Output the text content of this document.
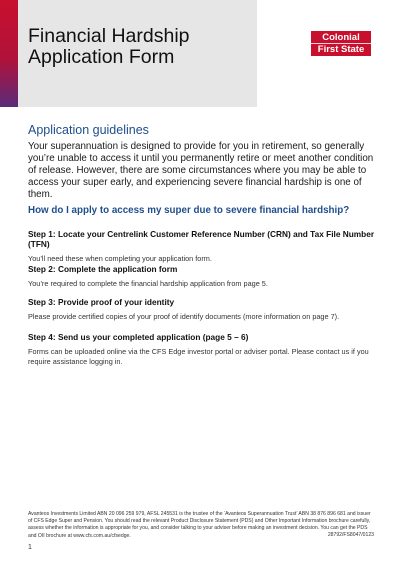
Financial Hardship
Application Form
Colonial
First State
Application guidelines

Your superannuation is designed to provide for you in retirement, so generally you’re unable to access it until you permanently retire or meet another condition of release. However, there are some circumstances where you may be able to access your super early, and experiencing severe financial hardship is one of them.

How do I apply to access my super due to severe financial hardship?

Step 1: Locate your Centrelink Customer Reference Number (CRN) and Tax File Number (TFN)

You’ll need these when completing your application form.

Step 2: Complete the application form

You’re required to complete the financial hardship application from page 5.

Step 3: Provide proof of your identity

Please provide certified copies of your proof of identify documents (more information on page 7).

Step 4: Send us your completed application (page 5 – 6)

Forms can be uploaded online via the CFS Edge investor portal or adviser portal. Please contact us if you require assistance logging in.

Avanteos Investments Limited ABN 20 096 259 979, AFSL 245531 is the trustee of the ‘Avanteos Superannuation Trust’ ABN 38 876 896 681 and issuer of CFS Edge Super and Pension. You should read the relevant Product Disclosure Statement (PDS) and Other Important Information brochure carefully, assess whether the information is appropriate for you, and consider talking to your adviser before making an investment decision. You can get the PDS and OII brochure at www.cfs.com.au/cfsedge.	28792/FS8047/0123
1
